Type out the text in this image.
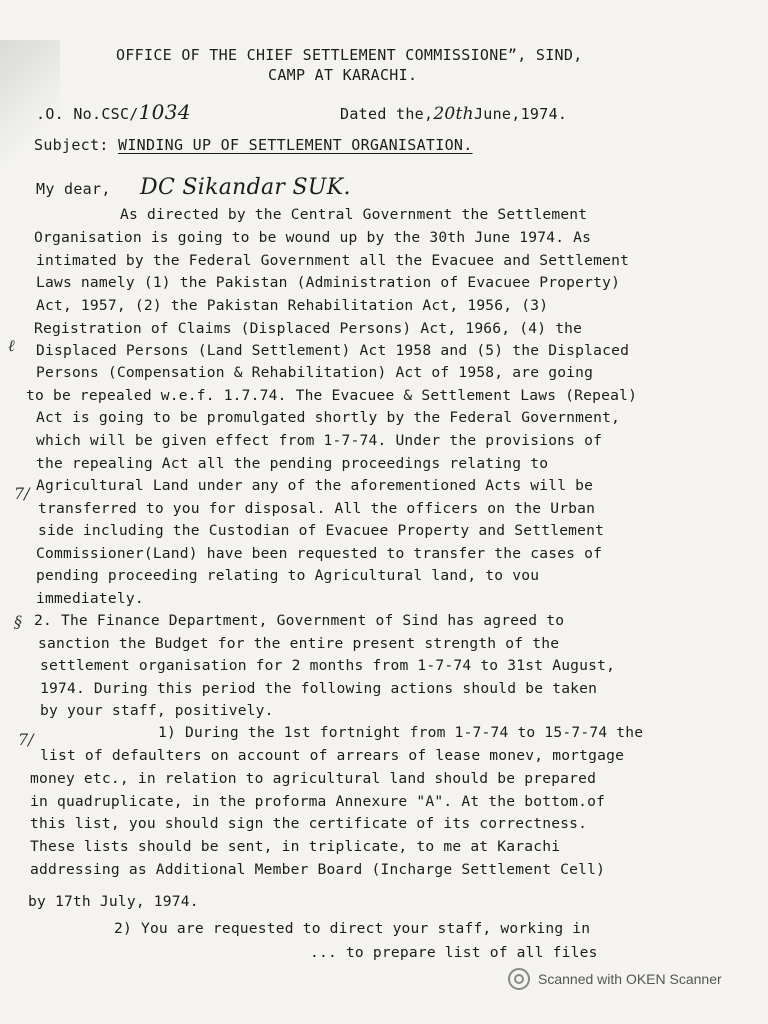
OFFICE OF THE CHIEF SETTLEMENT COMMISSIONE”, SIND,
CAMP AT KARACHI.
.O. No.CSC/1034	Dated the,20thJune,1974.
Subject: WINDING UP OF SETTLEMENT ORGANISATION.
My dear, DC Sikandar SUK.
As directed by the Central Government the Settlement
Organisation is going to be wound up by the 30th June 1974. As
intimated by the Federal Government all the Evacuee and Settlement
Laws namely (1) the Pakistan (Administration of Evacuee Property)
Act, 1957, (2) the Pakistan Rehabilitation Act, 1956, (3)
Registration of Claims (Displaced Persons) Act, 1966, (4) the
Displaced Persons (Land Settlement) Act 1958 and (5) the Displaced
Persons (Compensation & Rehabilitation) Act of 1958, are going
to be repealed w.e.f. 1.7.74. The Evacuee & Settlement Laws (Repeal)
Act is going to be promulgated shortly by the Federal Government,
which will be given effect from 1-7-74. Under the provisions of
the repealing Act all the pending proceedings relating to
Agricultural Land under any of the aforementioned Acts will be
transferred to you for disposal. All the officers on the Urban
side including the Custodian of Evacuee Property and Settlement
Commissioner(Land) have been requested to transfer the cases of
pending proceeding relating to Agricultural land, to vou
immediately.
2. The Finance Department, Government of Sind has agreed to
sanction the Budget for the entire present strength of the
settlement organisation for 2 months from 1-7-74 to 31st August,
1974. During this period the following actions should be taken
by your staff, positively.
1) During the 1st fortnight from 1-7-74 to 15-7-74 the
list of defaulters on account of arrears of lease monev, mortgage
money etc., in relation to agricultural land should be prepared
in quadruplicate, in the proforma Annexure "A". At the bottom.of
this list, you should sign the certificate of its correctness.
These lists should be sent, in triplicate, to me at Karachi
addressing as Additional Member Board (Incharge Settlement Cell)
by 17th July, 1974.
2) You are requested to direct your staff, working in
... to prepare list of all files
ℓ
7/
§
7/
Scanned with OKEN Scanner
